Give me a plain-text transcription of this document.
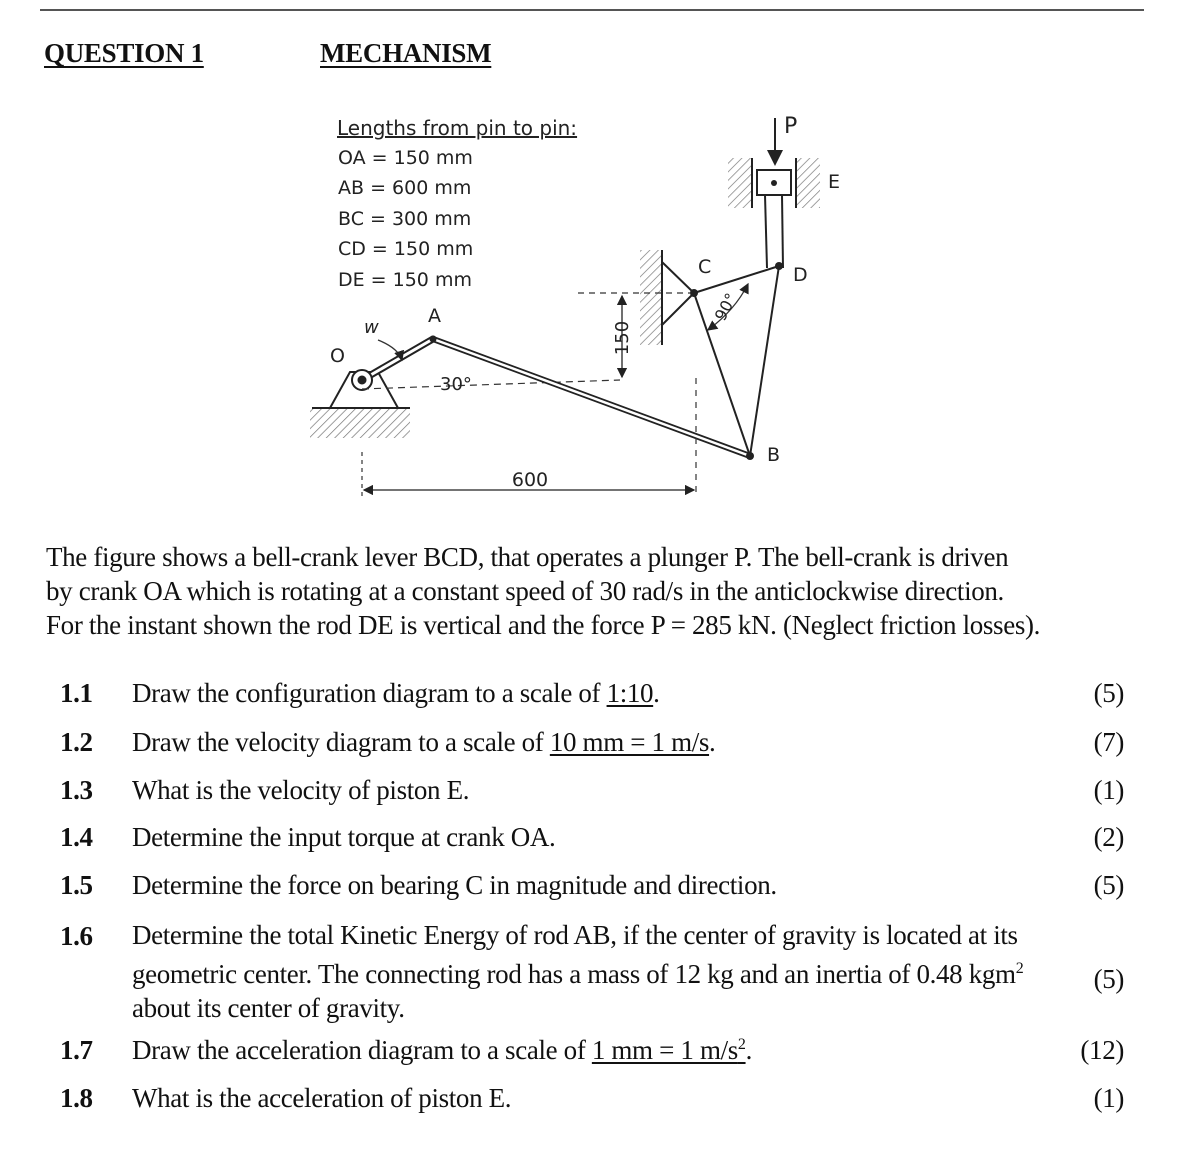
QUESTION 1	MECHANISM
Lengths from pin to pin:
OA = 150 mm
AB = 600 mm
BC = 300 mm
CD = 150 mm
DE = 150 mm
150
600
O
A
B
C	D
E
P
w
30°
90°
The figure shows a bell-crank lever BCD, that operates a plunger P. The bell-crank is driven
by crank OA which is rotating at a constant speed of 30 rad/s in the anticlockwise direction.
For the instant shown the rod DE is vertical and the force P = 285 kN. (Neglect friction losses).
1.1 Draw the configuration diagram to a scale of 1:10.	(5)
1.2 Draw the velocity diagram to a scale of 10 mm = 1 m/s.	(7)
1.3 What is the velocity of piston E.	(1)
1.4 Determine the input torque at crank OA.	(2)
1.5 Determine the force on bearing C in magnitude and direction.	(5)
1.6 Determine the total Kinetic Energy of rod AB, if the center of gravity is located at its geometric center. The connecting rod has a mass of 12 kg and an inertia of 0.48 kgm$^2$ about its center of gravity.
(5)
1.7 Draw the acceleration diagram to a scale of 1 mm = 1 $m/s^2$.	(12)
1.8 What is the acceleration of piston E.	(1)
